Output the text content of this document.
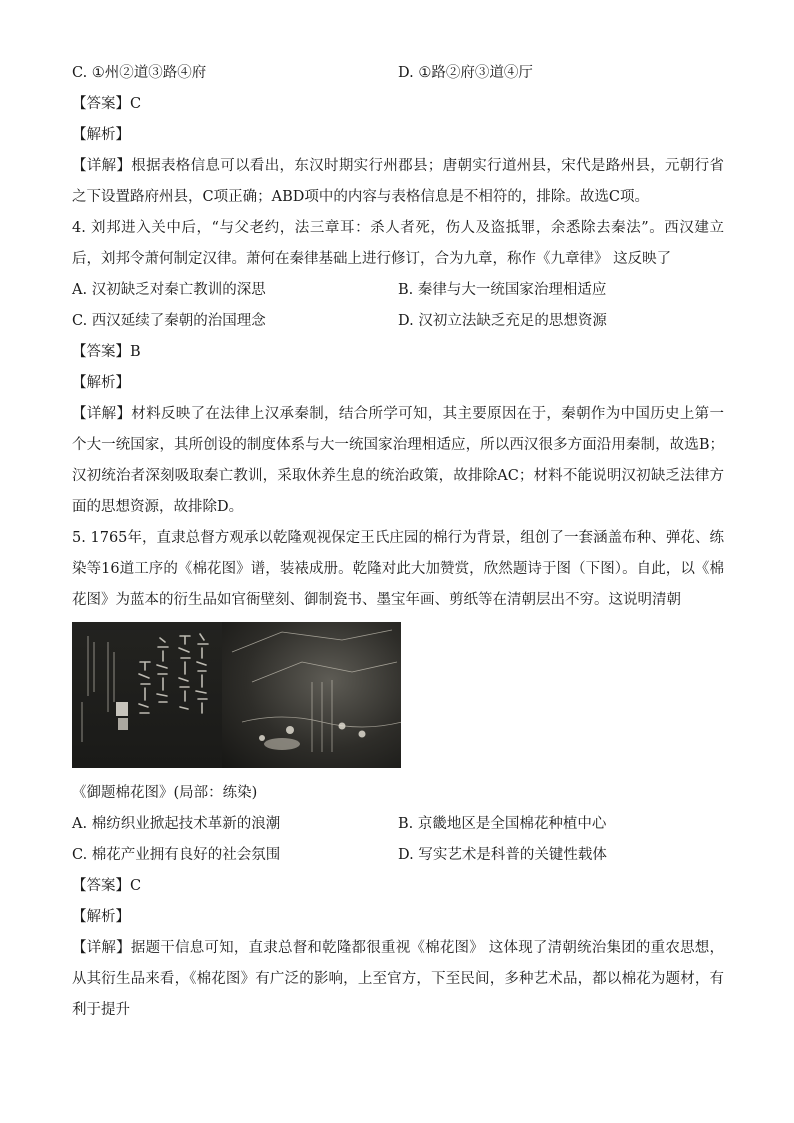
C. ①州②道③路④府	D. ①路②府③道④厅
【答案】C
【解析】
【详解】根据表格信息可以看出，东汉时期实行州郡县；唐朝实行道州县，宋代是路州县，元朝行省之下设置路府州县，C项正确；ABD项中的内容与表格信息是不相符的，排除。故选C项。
4. 刘邦进入关中后，“与父老约，法三章耳：杀人者死，伤人及盗抵罪，余悉除去秦法”。西汉建立后，刘邦令萧何制定汉律。萧何在秦律基础上进行修订，合为九章，称作《九章律》 这反映了
A. 汉初缺乏对秦亡教训的深思	B. 秦律与大一统国家治理相适应
C. 西汉延续了秦朝的治国理念	D. 汉初立法缺乏充足的思想资源
【答案】B
【解析】
【详解】材料反映了在法律上汉承秦制，结合所学可知，其主要原因在于，秦朝作为中国历史上第一个大一统国家，其所创设的制度体系与大一统国家治理相适应，所以西汉很多方面沿用秦制，故选B；汉初统治者深刻吸取秦亡教训，采取休养生息的统治政策，故排除AC；材料不能说明汉初缺乏法律方面的思想资源，故排除D。
5. 1765年，直隶总督方观承以乾隆观视保定王氏庄园的棉行为背景，组创了一套涵盖布种、弹花、练染等16道工序的《棉花图》谱，装裱成册。乾隆对此大加赞赏，欣然题诗于图（下图）。自此，以《棉花图》为蓝本的衍生品如官衙壁刻、御制瓷书、墨宝年画、剪纸等在清朝层出不穷。这说明清朝
《御题棉花图》(局部：练染)
A. 棉纺织业掀起技术革新的浪潮	B. 京畿地区是全国棉花种植中心
C. 棉花产业拥有良好的社会氛围	D. 写实艺术是科普的关键性载体
【答案】C
【解析】
【详解】据题干信息可知，直隶总督和乾隆都很重视《棉花图》 这体现了清朝统治集团的重农思想，从其衍生品来看，《棉花图》有广泛的影响，上至官方，下至民间，多种艺术品，都以棉花为题材，有利于提升
